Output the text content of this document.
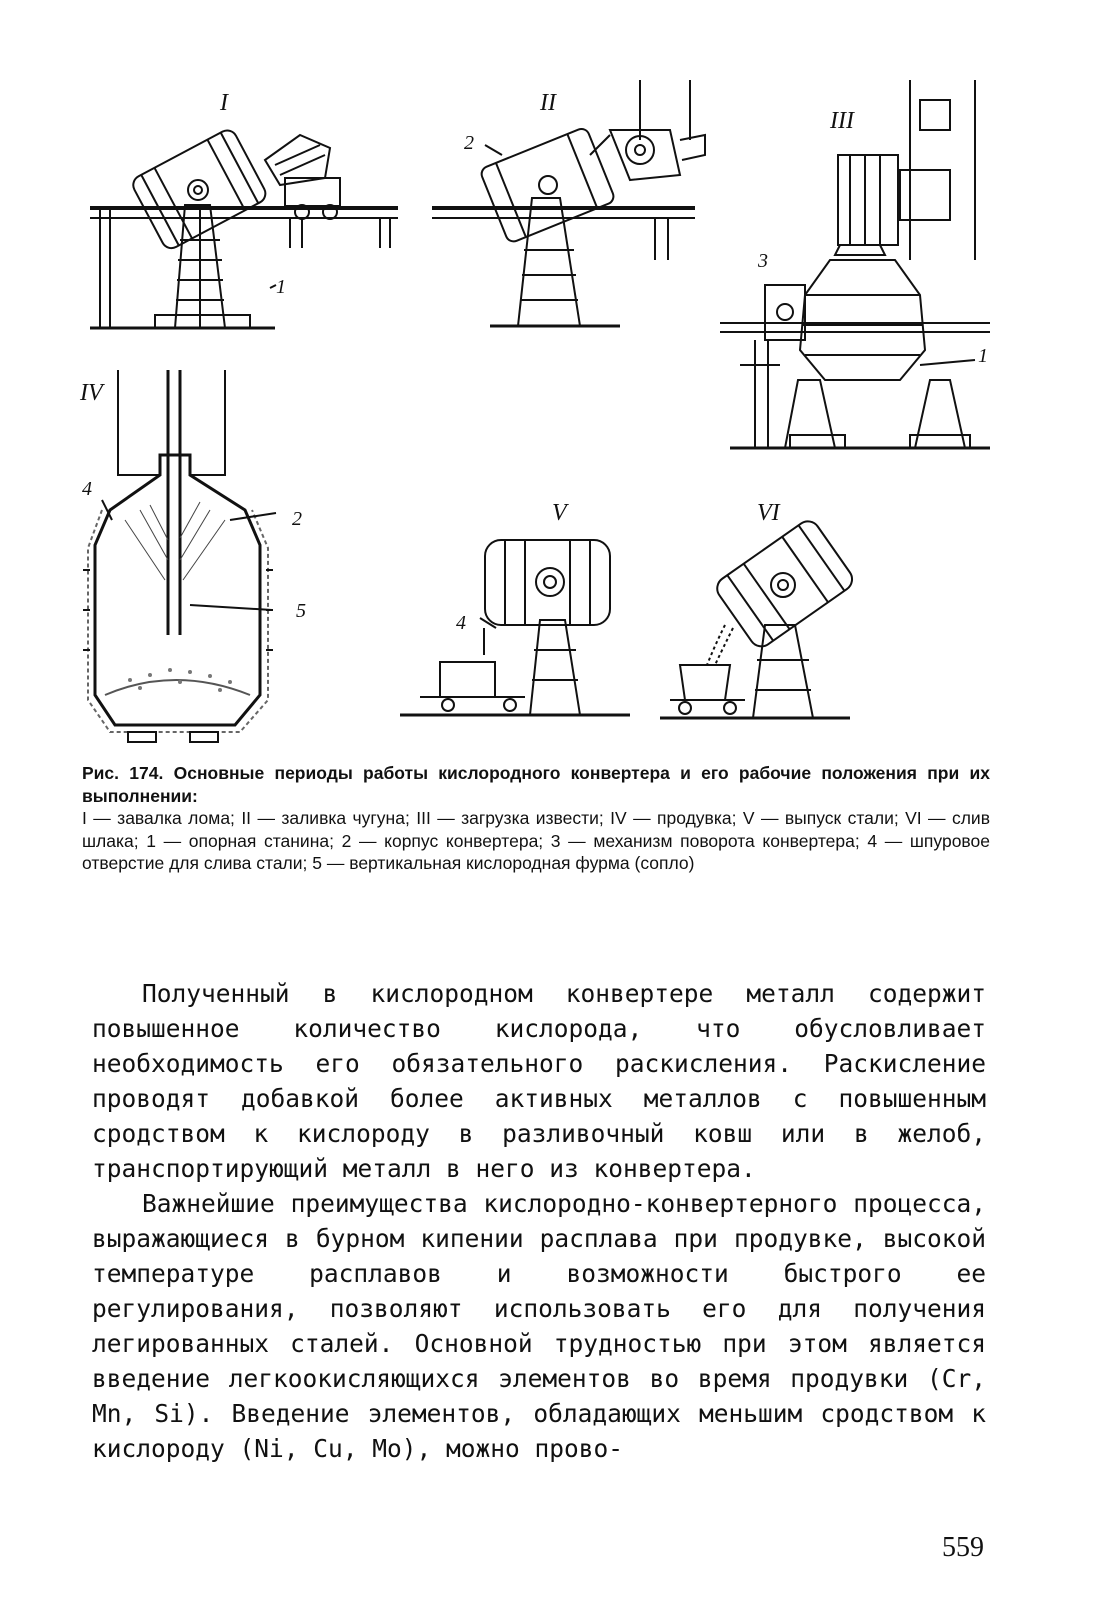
I
1
II
2
III
3
1
IV
4
2
5
V
4
VI
Рис. 174. Основные периоды работы кислородного конвертера и его рабочие положения при их выполнении:
I — завалка лома; II — заливка чугуна; III — загрузка извести; IV — продувка; V — выпуск стали; VI — слив шлака; 1 — опорная станина; 2 — корпус конвертера; 3 — механизм поворота конвертера; 4 — шпуровое отверстие для слива стали; 5 — вертикальная кислородная фурма (сопло)

Полученный в кислородном конвертере металл содержит повышенное количество кислорода, что обусловливает необходимость его обязательного раскисления. Раскисление проводят добавкой более активных металлов с повышенным сродством к кислороду в разливочный ковш или в желоб, транспортирующий металл в него из конвертера.

Важнейшие преимущества кислородно-конвертерного процесса, выражающиеся в бурном кипении расплава при продувке, высокой температуре расплавов и возможности быстрого ее регулирования, позволяют использовать его для получения легированных сталей. Основной трудностью при этом является введение легкоокисляющихся элементов во время продувки (Cr, Mn, Si). Введение элементов, обладающих меньшим сродством к кислороду (Ni, Cu, Mo), можно прово-

559
